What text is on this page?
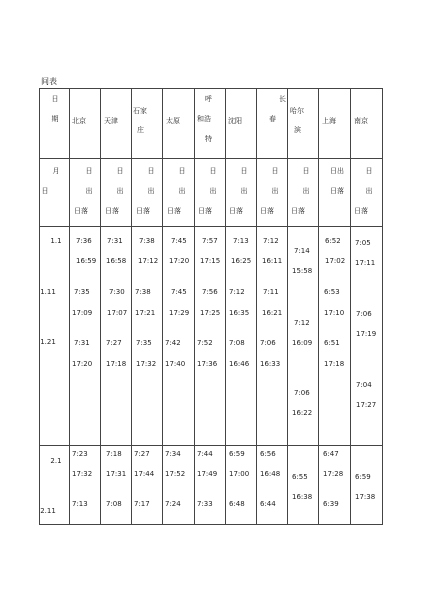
间表
日
期 北京	天津
石家
庄
太原
呼
和浩
特
沈阳
长
春
哈尔
滨
上海	南京
月
日
日
出
日落
日
出
日落
日
出
日落
日
出
日落
日
出
日落
日
出
日落
日
出
日落
日
出
日落
日出
日落
日
出
日落
1.1
1.11
1.21
7:36
16:59
7:35
17:09
7:31
17:20
7:31
16:58
7:30
17:07
7:27
17:18
7:38
17:12
7:38
17:21
7:35
17:32
7:45
17:20
7:45
17:29
7:42
17:40
7:57
17:15
7:56
17:25
7:52
17:36
7:13
16:25
7:12
16:35
7:08
16:46
7:12
16:11
7:11
16:21
7:06
16:33
7:14
15:58
7:12
16:09
7:06
16:22
6:52
17:02
6:53
17:10
6:51
17:18
7:05
17:11
7:06
17:19
7:04
17:27
2.1
2.11
7:23
17:32
7:13
7:18
17:31
7:08
7:27
17:44
7:17
7:34
17:52
7:24
7:44
17:49
7:33
6:59
17:00
6:48
6:56
16:48
6:44
6:55
16:38
6:47
17:28
6:39
6:59
17:38
